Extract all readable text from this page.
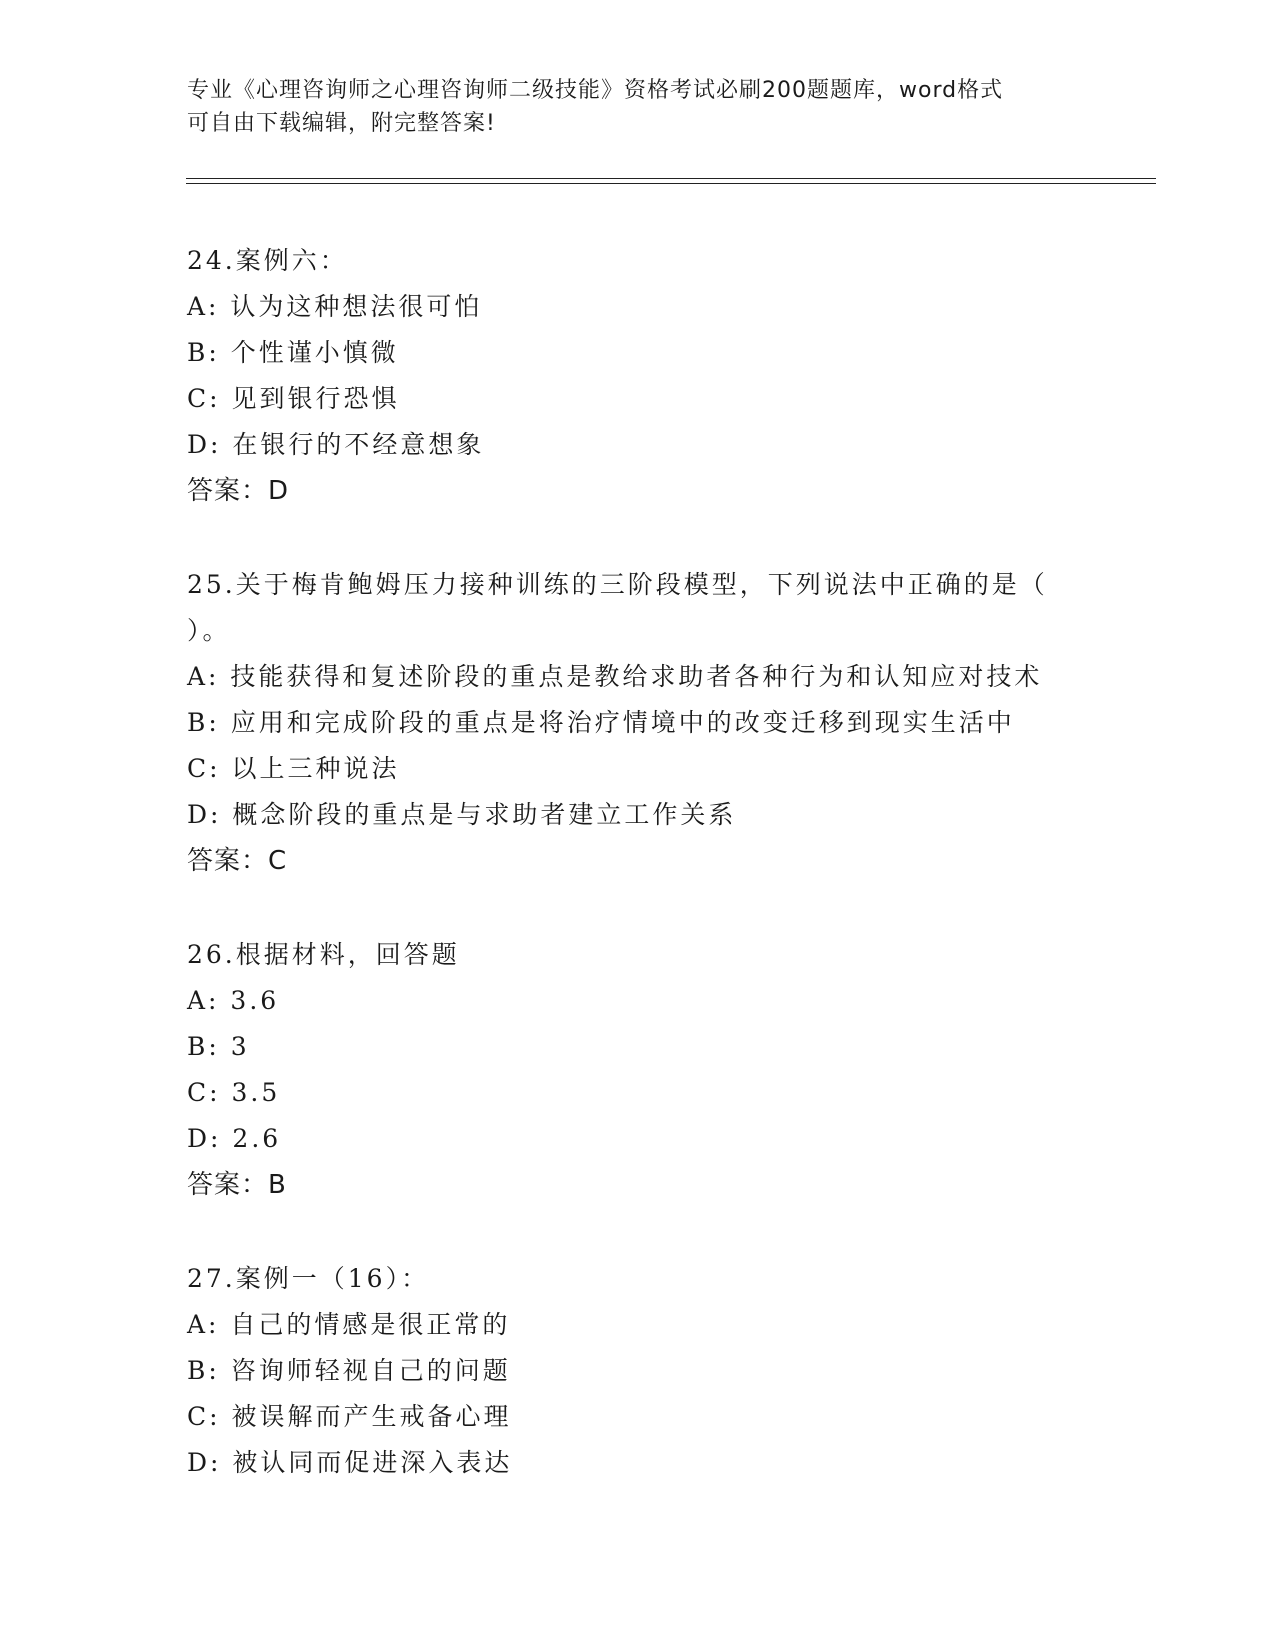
专业《心理咨询师之心理咨询师二级技能》资格考试必刷200题题库，word格式
可自由下载编辑，附完整答案!
24.案例六：
A: 认为这种想法很可怕
B: 个性谨小慎微
C: 见到银行恐惧
D: 在银行的不经意想象
答案：D
25.关于梅肯鲍姆压力接种训练的三阶段模型，下列说法中正确的是（
）。
A: 技能获得和复述阶段的重点是教给求助者各种行为和认知应对技术
B: 应用和完成阶段的重点是将治疗情境中的改变迁移到现实生活中
C: 以上三种说法
D: 概念阶段的重点是与求助者建立工作关系
答案：C
26.根据材料，回答题
A: 3.6
B: 3
C: 3.5
D: 2.6
答案：B
27.案例一（16）：
A: 自己的情感是很正常的
B: 咨询师轻视自己的问题
C: 被误解而产生戒备心理
D: 被认同而促进深入表达
